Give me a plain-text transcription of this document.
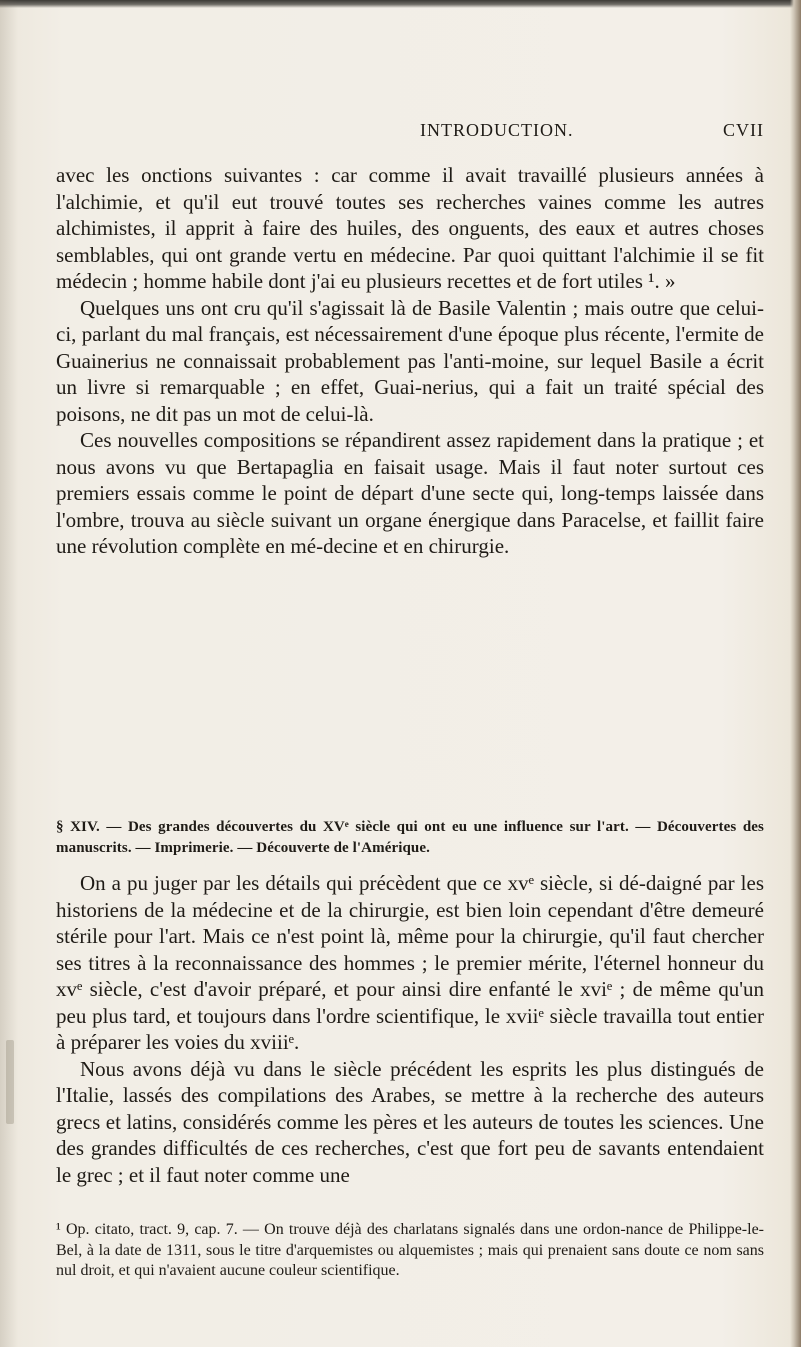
INTRODUCTION.	CVII

avec les onctions suivantes : car comme il avait travaillé plusieurs années à l'alchimie, et qu'il eut trouvé toutes ses recherches vaines comme les autres alchimistes, il apprit à faire des huiles, des onguents, des eaux et autres choses semblables, qui ont grande vertu en médecine. Par quoi quittant l'alchimie il se fit médecin ; homme habile dont j'ai eu plusieurs recettes et de fort utiles ¹. »

Quelques uns ont cru qu'il s'agissait là de Basile Valentin ; mais outre que celui-ci, parlant du mal français, est nécessairement d'une époque plus récente, l'ermite de Guainerius ne connaissait probablement pas l'anti-moine, sur lequel Basile a écrit un livre si remarquable ; en effet, Guai-nerius, qui a fait un traité spécial des poisons, ne dit pas un mot de celui-là.

Ces nouvelles compositions se répandirent assez rapidement dans la pratique ; et nous avons vu que Bertapaglia en faisait usage. Mais il faut noter surtout ces premiers essais comme le point de départ d'une secte qui, long-temps laissée dans l'ombre, trouva au siècle suivant un organe énergique dans Paracelse, et faillit faire une révolution complète en mé-decine et en chirurgie.

§ XIV. — Des grandes découvertes du XVᵉ siècle qui ont eu une influence sur l'art. — Découvertes des manuscrits. — Imprimerie. — Découverte de l'Amérique.

On a pu juger par les détails qui précèdent que ce xvᵉ siècle, si dé-daigné par les historiens de la médecine et de la chirurgie, est bien loin cependant d'être demeuré stérile pour l'art. Mais ce n'est point là, même pour la chirurgie, qu'il faut chercher ses titres à la reconnaissance des hommes ; le premier mérite, l'éternel honneur du xvᵉ siècle, c'est d'avoir préparé, et pour ainsi dire enfanté le xviᵉ ; de même qu'un peu plus tard, et toujours dans l'ordre scientifique, le xviiᵉ siècle travailla tout entier à préparer les voies du xviiiᵉ.

Nous avons déjà vu dans le siècle précédent les esprits les plus distingués de l'Italie, lassés des compilations des Arabes, se mettre à la recherche des auteurs grecs et latins, considérés comme les pères et les auteurs de toutes les sciences. Une des grandes difficultés de ces recherches, c'est que fort peu de savants entendaient le grec ; et il faut noter comme une

¹ Op. citato, tract. 9, cap. 7. — On trouve déjà des charlatans signalés dans une ordon-nance de Philippe-le-Bel, à la date de 1311, sous le titre d'arquemistes ou alquemistes ; mais qui prenaient sans doute ce nom sans nul droit, et qui n'avaient aucune couleur scientifique.
